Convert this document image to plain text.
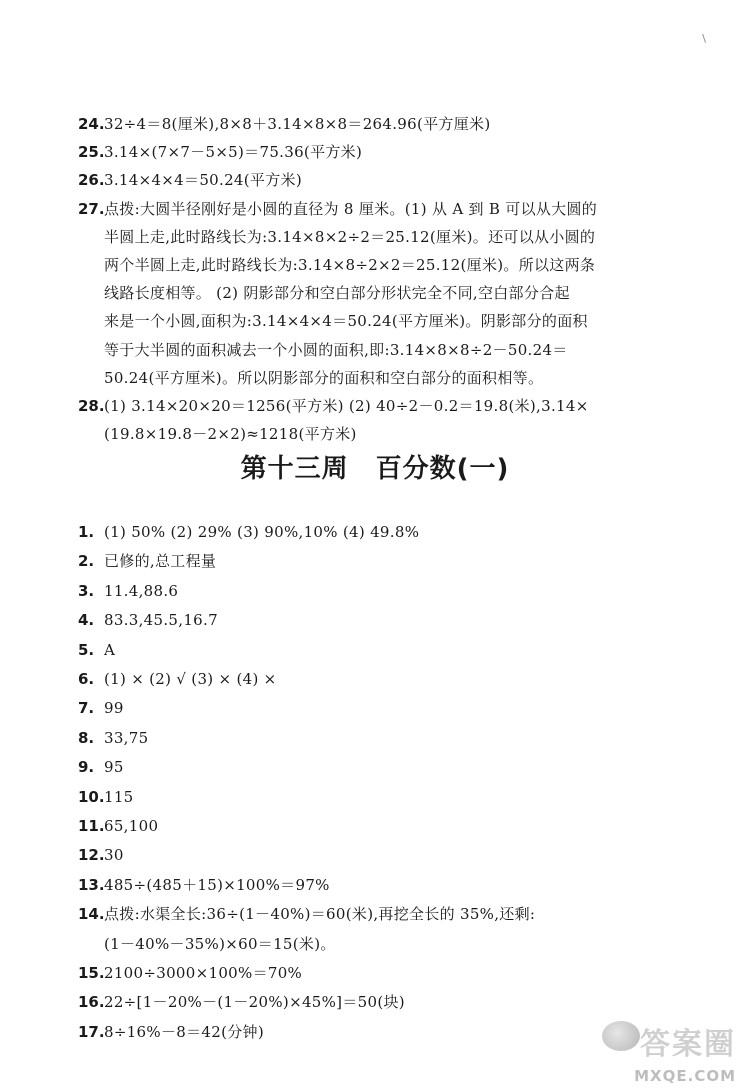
\
24. 32÷4＝8(厘米),8×8＋3.14×8×8＝264.96(平方厘米)
25. 3.14×(7×7－5×5)＝75.36(平方米)
26. 3.14×4×4＝50.24(平方米)
27. 点拨:大圆半径刚好是小圆的直径为 8 厘米。(1) 从 A 到 B 可以从大圆的
半圆上走,此时路线长为:3.14×8×2÷2＝25.12(厘米)。还可以从小圆的
两个半圆上走,此时路线长为:3.14×8÷2×2＝25.12(厘米)。所以这两条
线路长度相等。 (2) 阴影部分和空白部分形状完全不同,空白部分合起
来是一个小圆,面积为:3.14×4×4＝50.24(平方厘米)。阴影部分的面积
等于大半圆的面积减去一个小圆的面积,即:3.14×8×8÷2－50.24＝
50.24(平方厘米)。所以阴影部分的面积和空白部分的面积相等。
28. (1) 3.14×20×20＝1256(平方米) (2) 40÷2－0.2＝19.8(米),3.14×
(19.8×19.8－2×2)≈1218(平方米)
第十三周　百分数(一)
1. (1) 50% (2) 29% (3) 90%,10% (4) 49.8%
2. 已修的,总工程量
3. 11.4,88.6
4. 83.3,45.5,16.7
5. A
6. (1) × (2) √ (3) × (4) ×
7. 99
8. 33,75
9. 95
10. 115
11. 65,100
12. 30
13. 485÷(485＋15)×100%＝97%
14. 点拨:水渠全长:36÷(1－40%)＝60(米),再挖全长的 35%,还剩:
(1－40%－35%)×60＝15(米)。
15. 2100÷3000×100%＝70%
16. 22÷[1－20%－(1－20%)×45%]＝50(块)
17. 8÷16%－8＝42(分钟)	答案圈
MXQE.COM
